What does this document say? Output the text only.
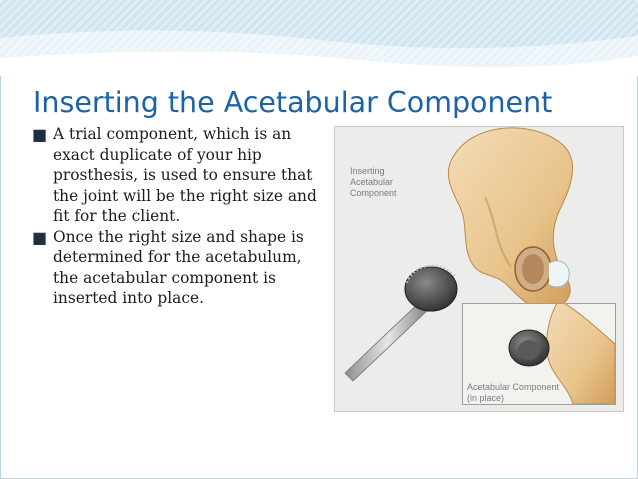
Inserting the Acetabular Component
■ A trial component, which is an exact duplicate of your hip prosthesis, is used to ensure that the joint will be the right size and fit for the client.
■ Once the right size and shape is determined for the acetabulum, the acetabular component is inserted into place.
Inserting
Acetabular
Component
Acetabular Component
(in place)
